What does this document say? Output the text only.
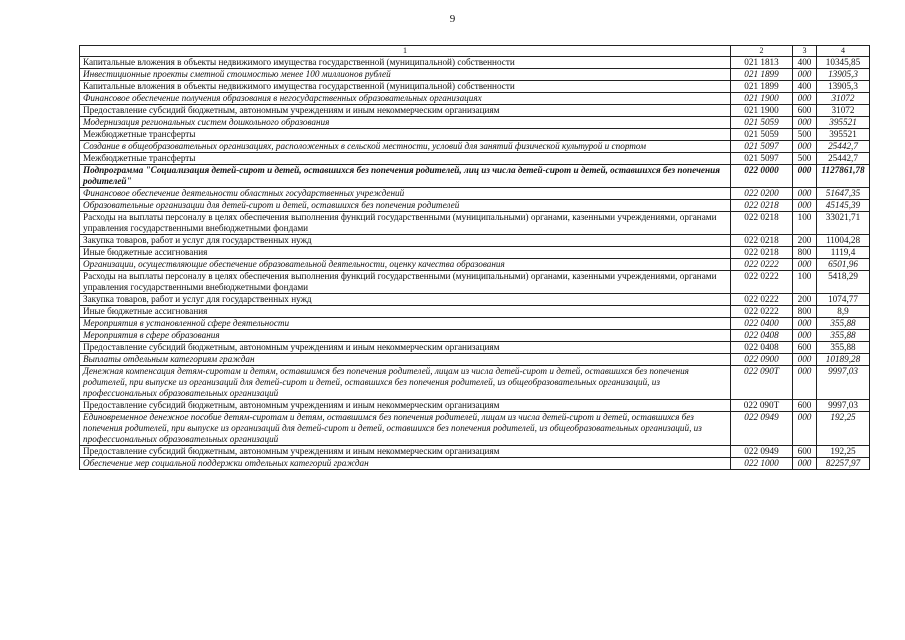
9
1	2	3	4
Капитальные вложения в объекты недвижимого имущества государственной (муниципальной) собственности	021 1813	400	10345,85
Инвестиционные проекты сметной стоимостью менее 100 миллионов рублей	021 1899	000	13905,3
Капитальные вложения в объекты недвижимого имущества государственной (муниципальной) собственности	021 1899	400	13905,3
Финансовое обеспечение получения образования в негосударственных образовательных организациях	021 1900	000	31072
Предоставление субсидий бюджетным, автономным учреждениям и иным некоммерческим организациям	021 1900	600	31072
Модернизация региональных систем дошкольного образования	021 5059	000	395521
Межбюджетные трансферты	021 5059	500	395521
Создание в общеобразовательных организациях, расположенных в сельской местности, условий для занятий физической культурой и спортом	021 5097	000	25442,7
Межбюджетные трансферты	021 5097	500	25442,7
Подпрограмма "Социализация детей-сирот и детей, оставшихся без попечения родителей, лиц из числа детей-сирот и детей, оставшихся без попечения родителей"	022 0000	000	1127861,78
Финансовое обеспечение деятельности областных государственных учреждений	022 0200	000	51647,35
Образовательные организации для детей-сирот и детей, оставшихся без попечения родителей	022 0218	000	45145,39
Расходы на выплаты персоналу в целях обеспечения выполнения функций государственными (муниципальными) органами, казенными учреждениями, органами управления государственными внебюджетными фондами	022 0218	100	33021,71
Закупка товаров, работ и услуг для государственных нужд	022 0218	200	11004,28
Иные бюджетные ассигнования	022 0218	800	1119,4
Организации, осуществляющие обеспечение образовательной деятельности, оценку качества образования	022 0222	000	6501,96
Расходы на выплаты персоналу в целях обеспечения выполнения функций государственными (муниципальными) органами, казенными учреждениями, органами управления государственными внебюджетными фондами	022 0222	100	5418,29
Закупка товаров, работ и услуг для государственных нужд	022 0222	200	1074,77
Иные бюджетные ассигнования	022 0222	800	8,9
Мероприятия в установленной сфере деятельности	022 0400	000	355,88
Мероприятия в сфере образования	022 0408	000	355,88
Предоставление субсидий бюджетным, автономным учреждениям и иным некоммерческим организациям	022 0408	600	355,88
Выплаты отдельным категориям граждан	022 0900	000	10189,28
Денежная компенсация детям-сиротам и детям, оставшимся без попечения родителей, лицам из числа детей-сирот и детей, оставшихся без попечения родителей, при выпуске из организаций для детей-сирот и детей, оставшихся без попечения родителей, из общеобразовательных организаций, из профессиональных образовательных организаций	022 090Т	000	9997,03
Предоставление субсидий бюджетным, автономным учреждениям и иным некоммерческим организациям	022 090Т	600	9997,03
Единовременное денежное пособие детям-сиротам и детям, оставшимся без попечения родителей, лицам из числа детей-сирот и детей, оставшихся без попечения родителей, при выпуске из организаций для детей-сирот и детей, оставшихся без попечения родителей, из общеобразовательных организаций, из профессиональных образовательных организаций	022 0949	000	192,25
Предоставление субсидий бюджетным, автономным учреждениям и иным некоммерческим организациям	022 0949	600	192,25
Обеспечение мер социальной поддержки отдельных категорий граждан	022 1000	000	82257,97
